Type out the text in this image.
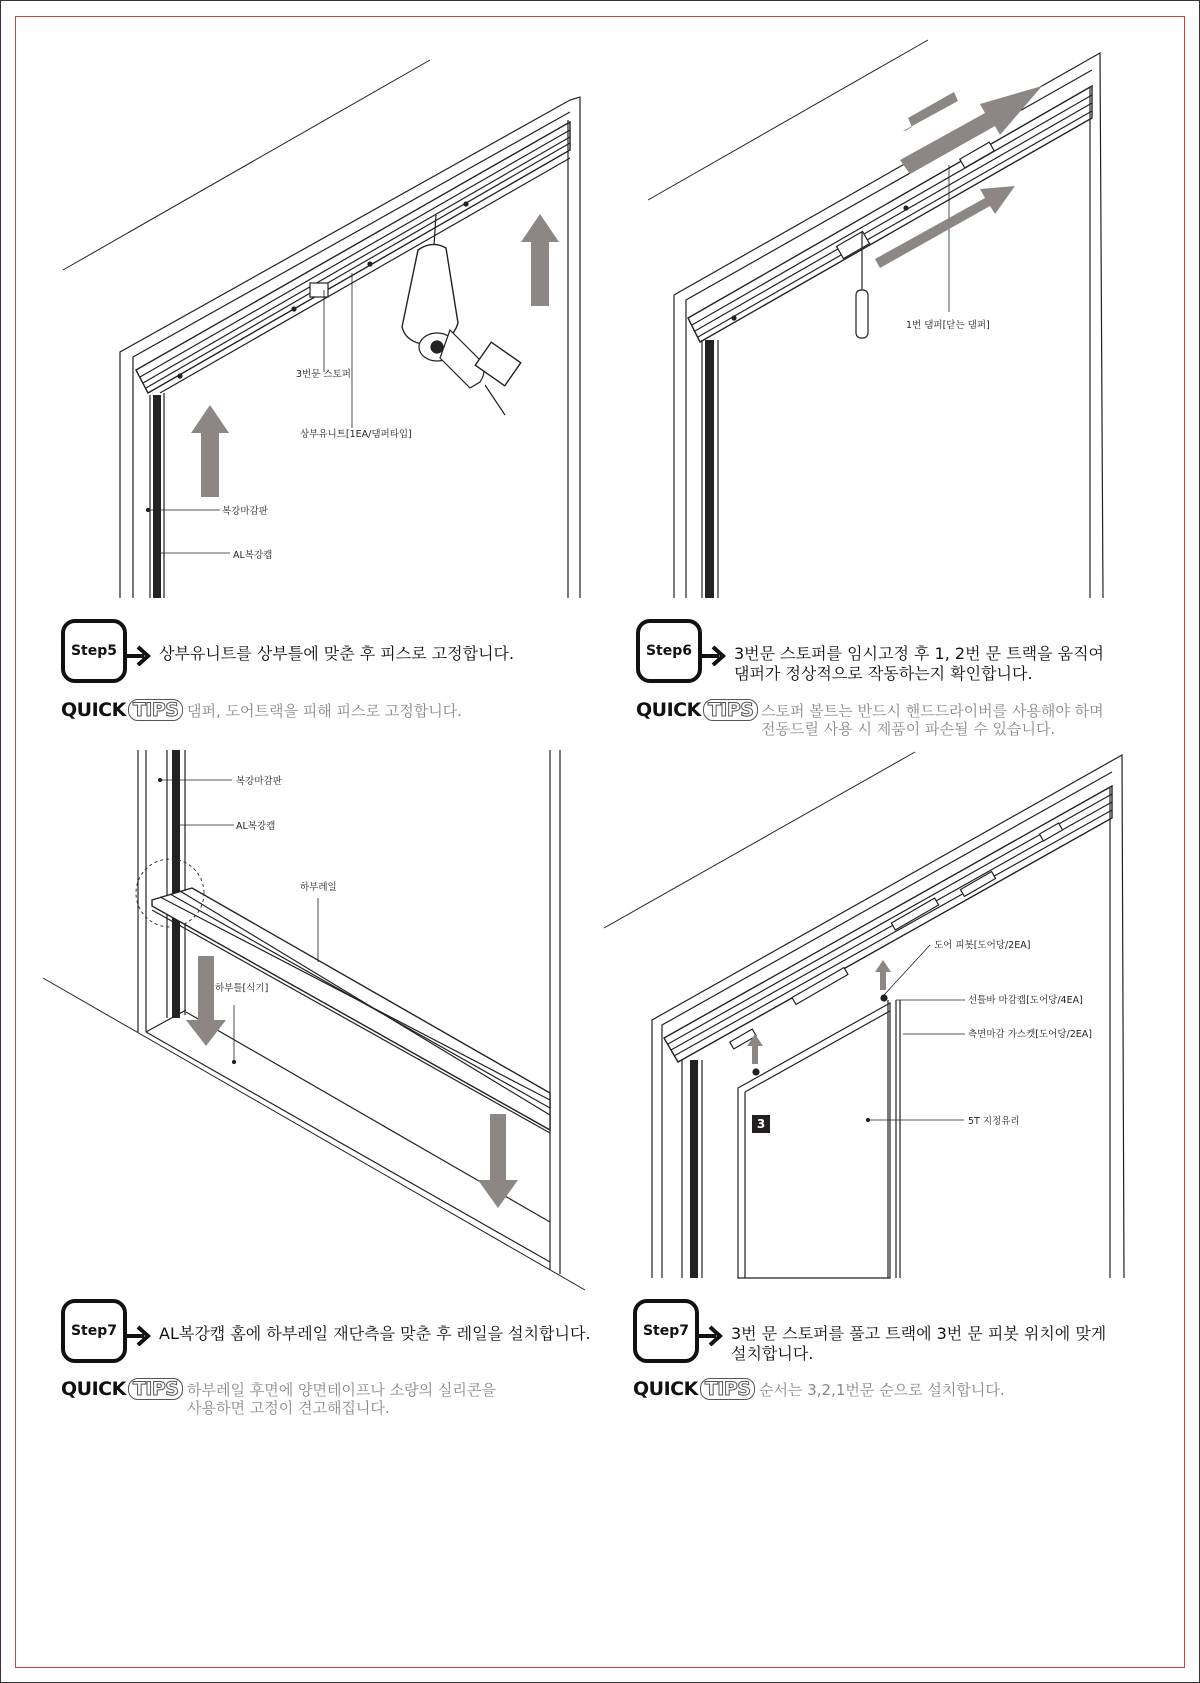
3번문 스토퍼
상부유니트[1EA/댐퍼타입]
복강마감판
AL복강캡
1번 댐퍼[닫는 댐퍼]
복강마감판
AL복강캡
하부레일
하부틀[식기]
도어 피봇[도어당/2EA]
선틀바 마감캡[도어당/4EA]
측면마감 가스켓[도어당/2EA]
5T 지정유리
3
Step5	상부유니트를 상부틀에 맞춘 후 피스로 고정합니다.
QUICK TIPS 댐퍼, 도어트랙을 피해 피스로 고정합니다.
Step6	3번문 스토퍼를 임시고정 후 1, 2번 문 트랙을 움직여
댐퍼가 정상적으로 작동하는지 확인합니다.
QUICK TIPS 스토퍼 볼트는 반드시 핸드드라이버를 사용해야 하며
전동드릴 사용 시 제품이 파손될 수 있습니다.
Step7	AL복강캡 홈에 하부레일 재단측을 맞춘 후 레일을 설치합니다.
QUICK TIPS 하부레일 후면에 양면테이프나 소량의 실리콘을
사용하면 고정이 견고해집니다.
Step7	3번 문 스토퍼를 풀고 트랙에 3번 문 피봇 위치에 맞게
설치합니다.
QUICK TIPS 순서는 3,2,1번문 순으로 설치합니다.
